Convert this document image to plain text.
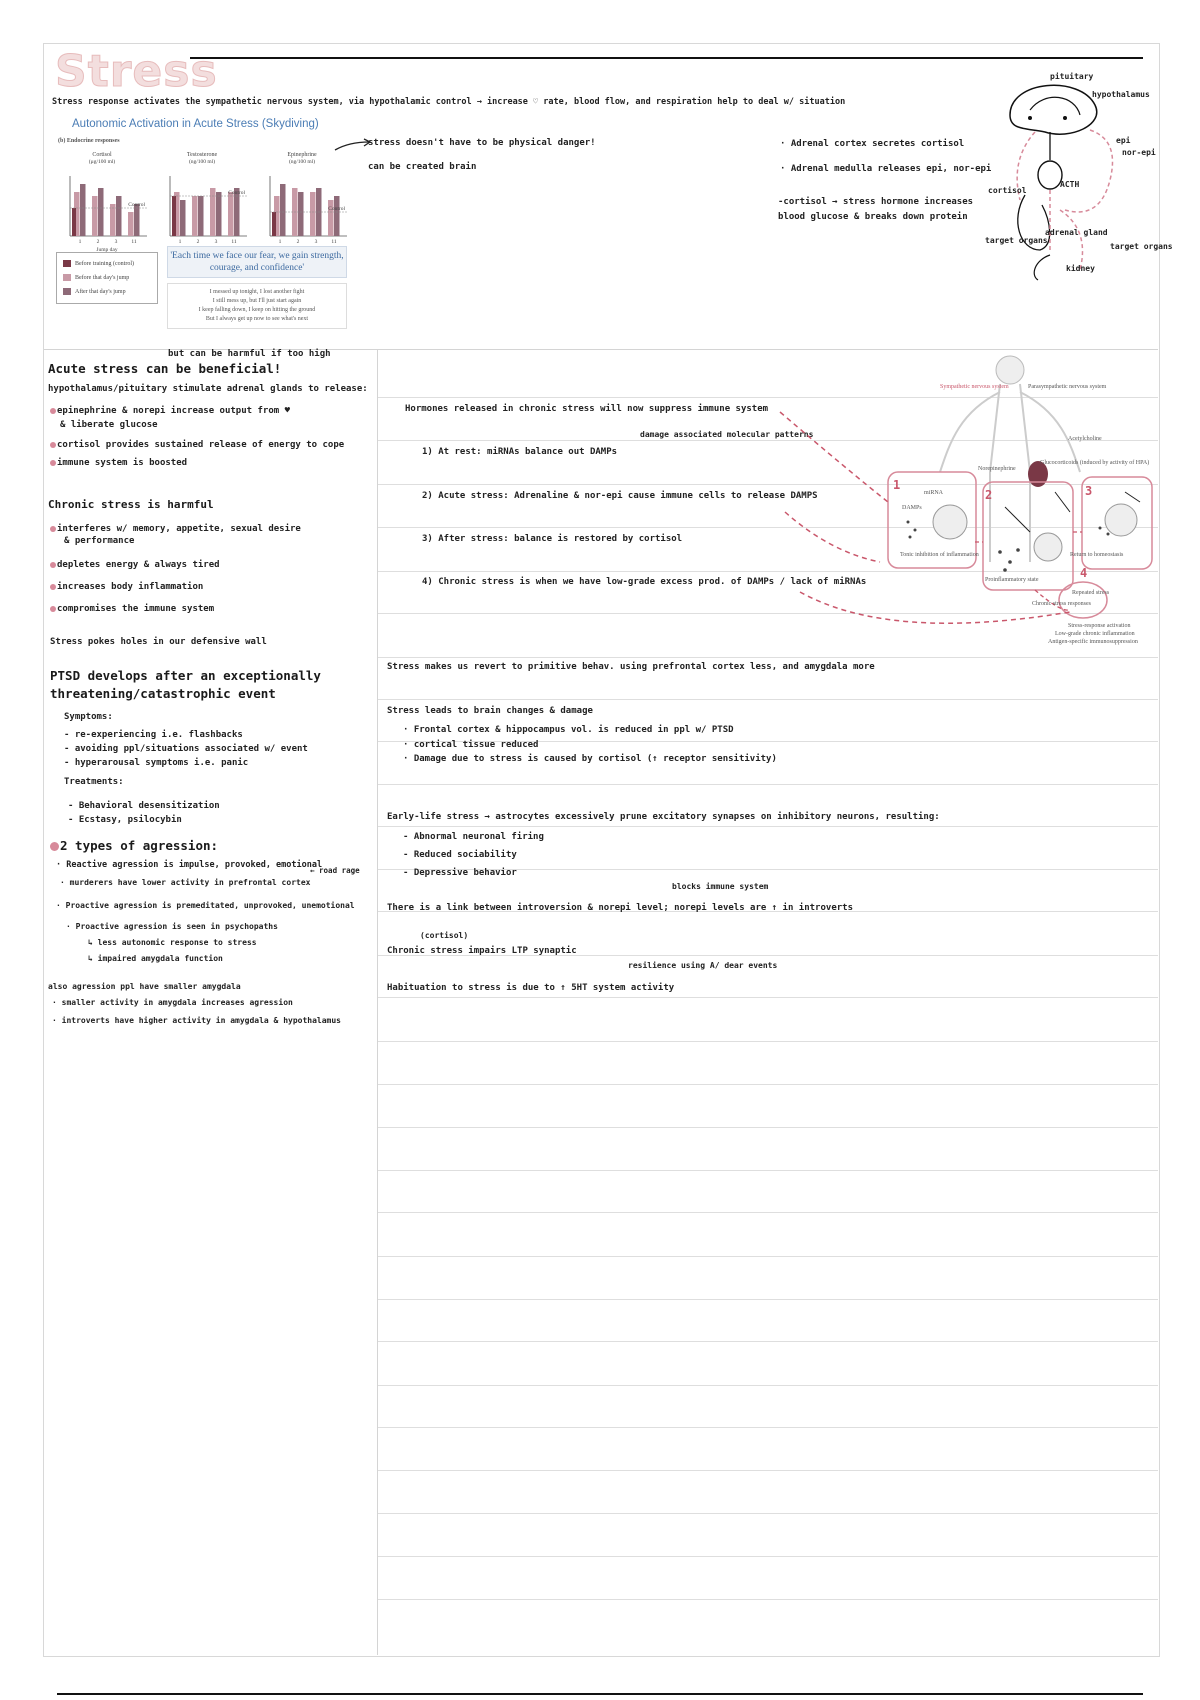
Stress
Stress response activates the sympathetic nervous system, via hypothalamic control → increase ♡ rate, blood flow, and respiration help to deal w/ situation
Autonomic Activation in Acute Stress (Skydiving)
(b) Endocrine responses
Cortisol
(µg/100 ml)
1	2	3	11
Control
Jump day
Testosterone
(ng/100 ml)
1	2	3	11
Control
Epinephrine
(ng/100 ml)
1	2	3	11
Control
Before training (control)
Before that day's jump
After that day's jump
'Each time we face our fear, we gain strength, courage, and confidence'
I messed up tonight, I lost another fight
I still mess up, but I'll just start again
I keep falling down, I keep on hitting the ground
But I always get up now to see what's next
stress doesn't have to be physical danger!
can be created brain
· Adrenal cortex secretes cortisol
· Adrenal medulla releases epi, nor-epi
-cortisol → stress hormone increases
blood glucose & breaks down protein
pituitary
hypothalamus
epi
nor-epi
ACTH
cortisol
adrenal gland
target organs
target organs
kidney
but can be harmful if too high
Acute stress can be beneficial!
hypothalamus/pituitary stimulate adrenal glands to release:
epinephrine & norepi increase output from ♥
& liberate glucose
cortisol provides sustained release of energy to cope
immune system is boosted
Chronic stress is harmful
interferes w/ memory, appetite, sexual desire
& performance
depletes energy & always tired
increases body inflammation
compromises the immune system
Stress pokes holes in our defensive wall
PTSD develops after an exceptionally
threatening/catastrophic event
Symptoms:
- re-experiencing i.e. flashbacks
- avoiding ppl/situations associated w/ event
- hyperarousal symptoms i.e. panic
Treatments:
- Behavioral desensitization
- Ecstasy, psilocybin
2 types of agression:
· Reactive agression is impulse, provoked, emotional
· murderers have lower activity in prefrontal cortex
← road rage
· Proactive agression is premeditated, unprovoked, unemotional
· Proactive agression is seen in psychopaths
↳ less autonomic response to stress
↳ impaired amygdala function
also agression ppl have smaller amygdala
· smaller activity in amygdala increases agression
· introverts have higher activity in amygdala & hypothalamus
Hormones released in chronic stress will now suppress immune system
damage associated molecular patterns
1) At rest: miRNAs balance out DAMPs
2) Acute stress: Adrenaline & nor-epi cause immune cells to release DAMPS
3) After stress: balance is restored by cortisol
4) Chronic stress is when we have low-grade excess prod. of DAMPs / lack of miRNAs
Stress makes us revert to primitive behav. using prefrontal cortex less, and amygdala more
Stress leads to brain changes & damage
· Frontal cortex & hippocampus vol. is reduced in ppl w/ PTSD
· cortical tissue reduced
· Damage due to stress is caused by cortisol (↑ receptor sensitivity)
Early-life stress → astrocytes excessively prune excitatory synapses on inhibitory neurons, resulting:
- Abnormal neuronal firing
- Reduced sociability
- Depressive behavior
blocks immune system
There is a link between introversion & norepi level; norepi levels are ↑ in introverts
(cortisol)
Chronic stress impairs LTP synaptic
resilience using A/ dear events
Habituation to stress is due to ↑ 5HT system activity
1
2	3
4
Sympathetic nervous system	Parasympathetic nervous system
Acetylcholine
Norepinephrine
Glucocorticoids (induced by activity of HPA)
miRNA
DAMPs
Tonic inhibition of inflammation
Proinflammatory state
Return to homeostasis
Repeated stress
Chronic stress responses
Stress-response activation
Low-grade chronic inflammation
Antigen-specific immunosuppression
